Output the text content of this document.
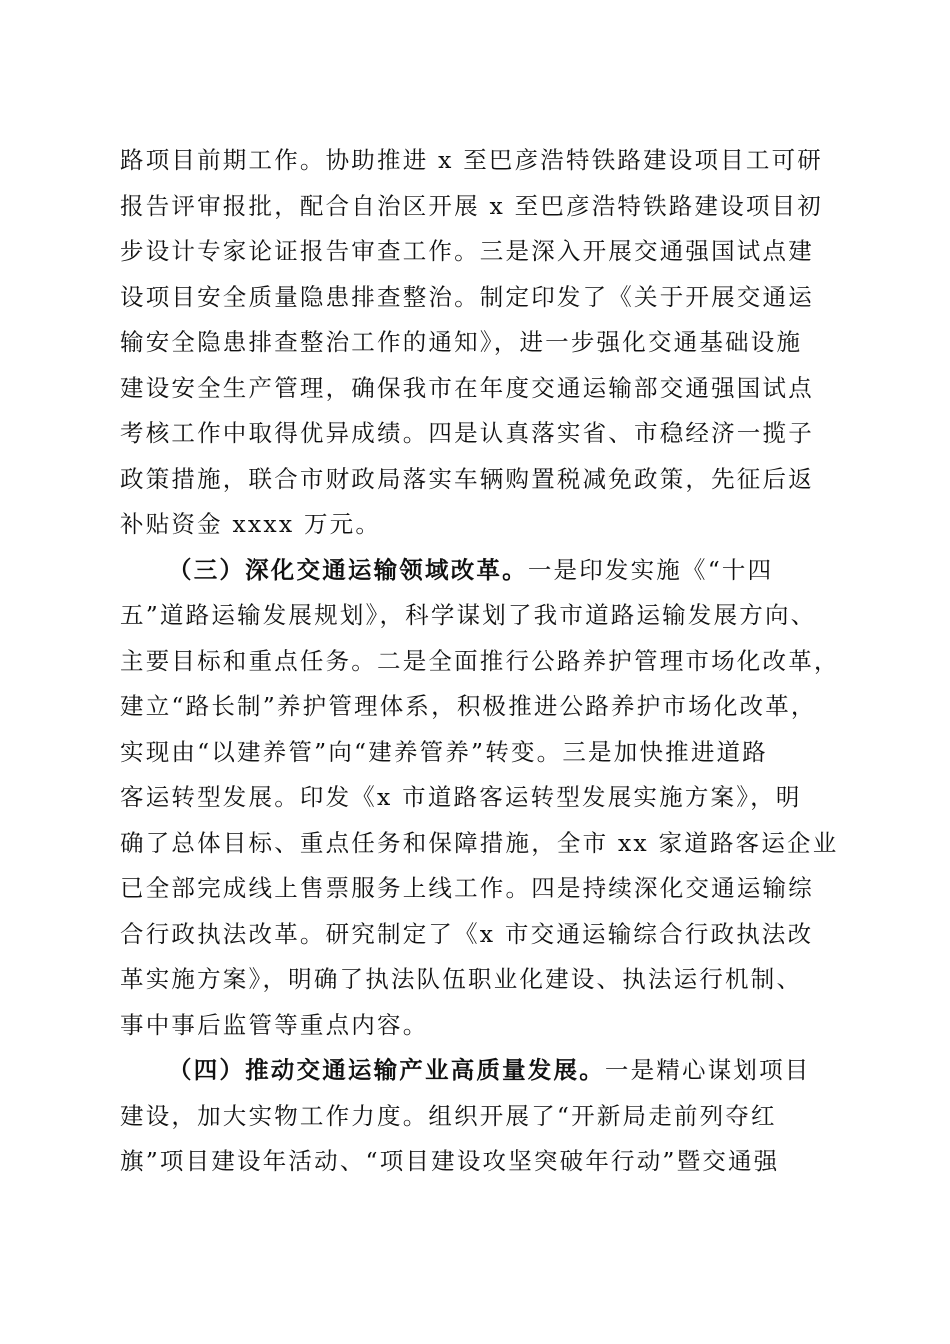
路项目前期工作。协助推进 x 至巴彦浩特铁路建设项目工可研
报告评审报批，配合自治区开展 x 至巴彦浩特铁路建设项目初
步设计专家论证报告审查工作。三是深入开展交通强国试点建
设项目安全质量隐患排查整治。制定印发了《关于开展交通运
输安全隐患排查整治工作的通知》，进一步强化交通基础设施
建设安全生产管理，确保我市在年度交通运输部交通强国试点
考核工作中取得优异成绩。四是认真落实省、市稳经济一揽子
政策措施，联合市财政局落实车辆购置税减免政策，先征后返
补贴资金 xxxx 万元。
（三）深化交通运输领域改革。一是印发实施《“十四
五”道路运输发展规划》，科学谋划了我市道路运输发展方向、
主要目标和重点任务。二是全面推行公路养护管理市场化改革，
建立“路长制”养护管理体系，积极推进公路养护市场化改革，
实现由“以建养管”向“建养管养”转变。三是加快推进道路
客运转型发展。印发《x 市道路客运转型发展实施方案》，明
确了总体目标、重点任务和保障措施，全市 xx 家道路客运企业
已全部完成线上售票服务上线工作。四是持续深化交通运输综
合行政执法改革。研究制定了《x 市交通运输综合行政执法改
革实施方案》，明确了执法队伍职业化建设、执法运行机制、
事中事后监管等重点内容。
（四）推动交通运输产业高质量发展。一是精心谋划项目
建设，加大实物工作力度。组织开展了“开新局走前列夺红
旗”项目建设年活动、“项目建设攻坚突破年行动”暨交通强
